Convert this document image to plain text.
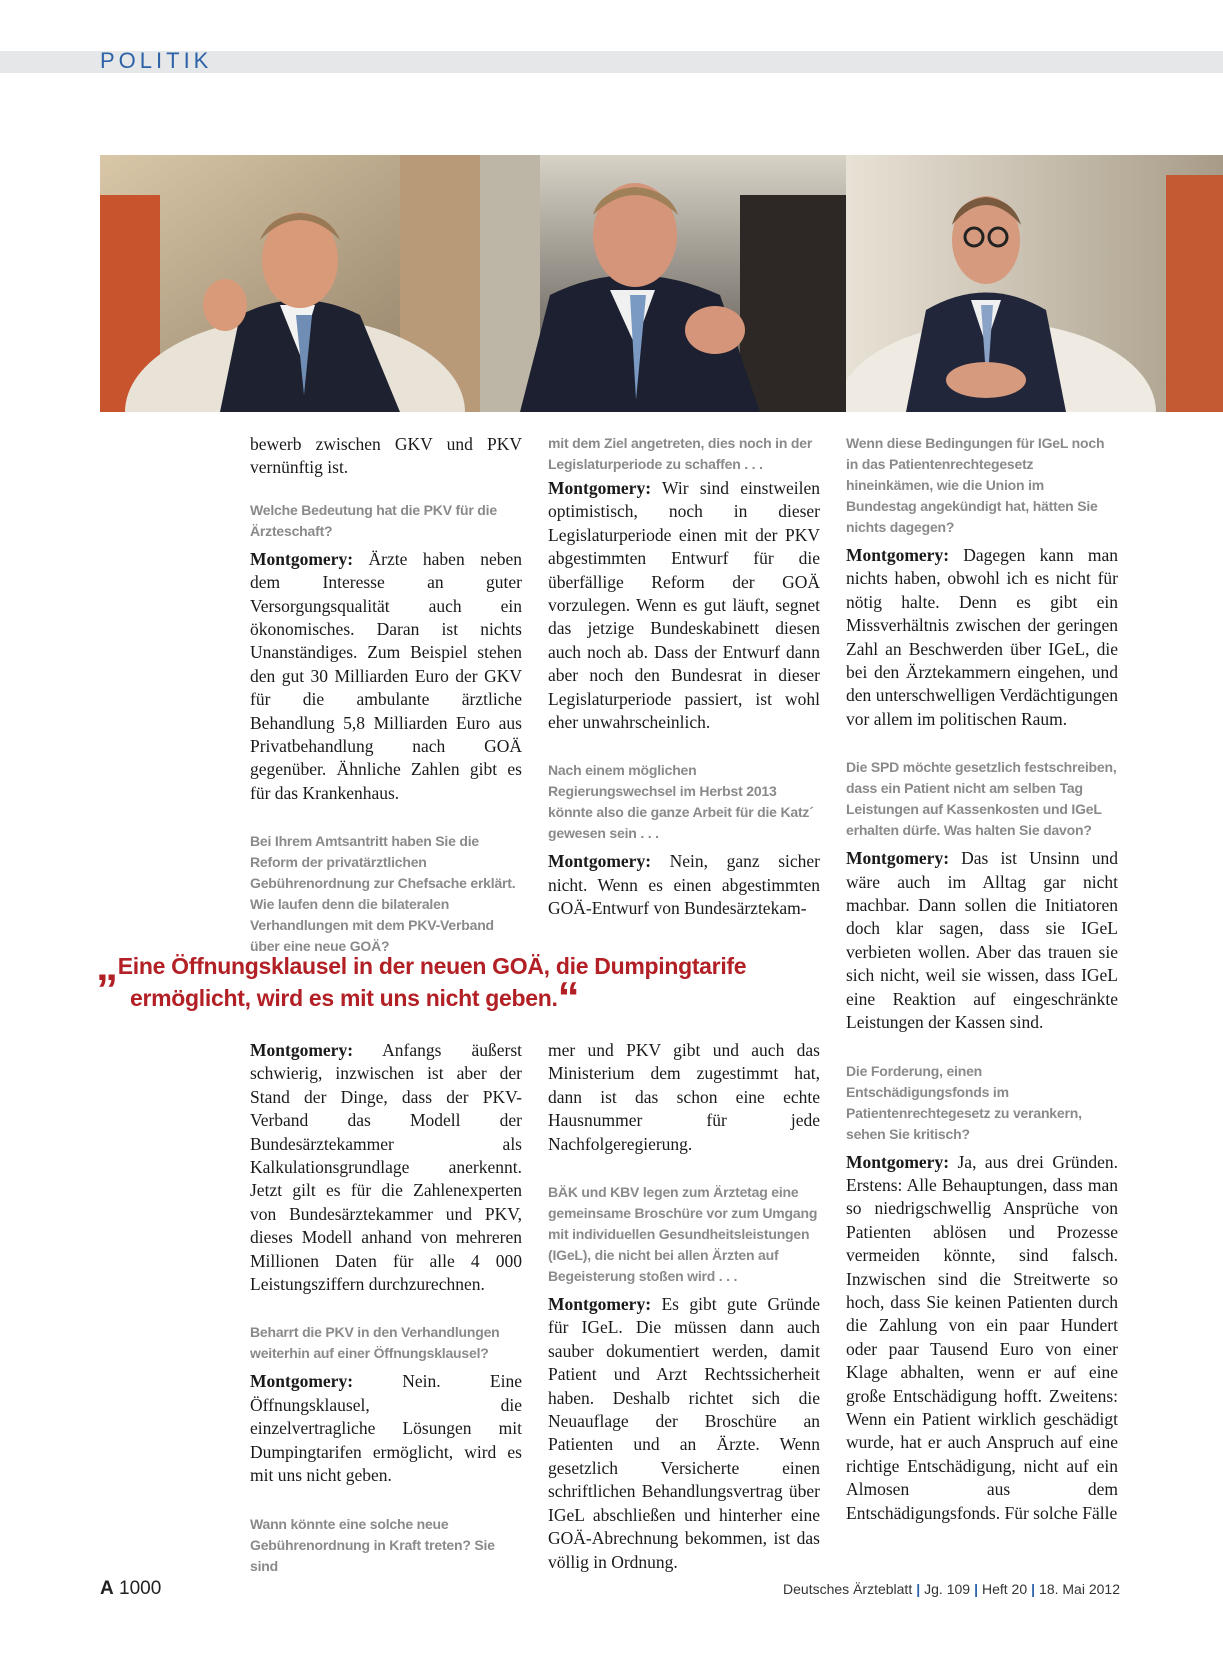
POLITIK

bewerb zwischen GKV und PKV vernünftig ist.

Welche Bedeutung hat die PKV für die Ärzteschaft?

Montgomery: Ärzte haben neben dem Interesse an guter Versorgungsqualität auch ein ökonomisches. Daran ist nichts Unanständiges. Zum Beispiel stehen den gut 30 Milliarden Euro der GKV für die ambulante ärztliche Behandlung 5,8 Milliarden Euro aus Privatbehandlung nach GOÄ gegenüber. Ähnliche Zahlen gibt es für das Krankenhaus.

Bei Ihrem Amtsantritt haben Sie die Reform der privatärztlichen Gebührenordnung zur Chefsache erklärt. Wie laufen denn die bilateralen Verhandlungen mit dem PKV-Verband über eine neue GOÄ?

mit dem Ziel angetreten, dies noch in der Legislaturperiode zu schaffen . . .

Montgomery: Wir sind einstweilen optimistisch, noch in dieser Legislaturperiode einen mit der PKV abgestimmten Entwurf für die überfällige Reform der GOÄ vorzulegen. Wenn es gut läuft, segnet das jetzige Bundeskabinett diesen auch noch ab. Dass der Entwurf dann aber noch den Bundesrat in dieser Legislaturperiode passiert, ist wohl eher unwahrscheinlich.

Nach einem möglichen Regierungswechsel im Herbst 2013 könnte also die ganze Arbeit für die Katz´ gewesen sein . . .

Montgomery: Nein, ganz sicher nicht. Wenn es einen abgestimmten GOÄ-Entwurf von Bundesärztekam-

Wenn diese Bedingungen für IGeL noch in das Patientenrechtegesetz hineinkämen, wie die Union im Bundestag angekündigt hat, hätten Sie nichts dagegen?

Montgomery: Dagegen kann man nichts haben, obwohl ich es nicht für nötig halte. Denn es gibt ein Missverhältnis zwischen der geringen Zahl an Beschwerden über IGeL, die bei den Ärztekammern eingehen, und den unterschwelligen Verdächtigungen vor allem im politischen Raum.

Die SPD möchte gesetzlich festschreiben, dass ein Patient nicht am selben Tag Leistungen auf Kassenkosten und IGeL erhalten dürfe. Was halten Sie davon?

Montgomery: Das ist Unsinn und wäre auch im Alltag gar nicht machbar. Dann sollen die Initiatoren doch klar sagen, dass sie IGeL verbieten wollen. Aber das trauen sie sich nicht, weil sie wissen, dass IGeL eine Reaktion auf eingeschränkte Leistungen der Kassen sind.

Die Forderung, einen Entschädigungsfonds im Patientenrechtegesetz zu verankern, sehen Sie kritisch?

Montgomery: Ja, aus drei Gründen. Erstens: Alle Behauptungen, dass man so niedrigschwellig Ansprüche von Patienten ablösen und Prozesse vermeiden könnte, sind falsch. Inzwischen sind die Streitwerte so hoch, dass Sie keinen Patienten durch die Zahlung von ein paar Hundert oder paar Tausend Euro von einer Klage abhalten, wenn er auf eine große Entschädigung hofft. Zweitens: Wenn ein Patient wirklich geschädigt wurde, hat er auch Anspruch auf eine richtige Entschädigung, nicht auf ein Almosen aus dem Entschädigungsfonds. Für solche Fälle

„Eine Öffnungsklausel in der neuen GOÄ, die Dumpingtarife
ermöglicht, wird es mit uns nicht geben.“

Montgomery: Anfangs äußerst schwierig, inzwischen ist aber der Stand der Dinge, dass der PKV-Verband das Modell der Bundesärztekammer als Kalkulationsgrundlage anerkennt. Jetzt gilt es für die Zahlenexperten von Bundesärztekammer und PKV, dieses Modell anhand von mehreren Millionen Daten für alle 4 000 Leistungsziffern durchzurechnen.

Beharrt die PKV in den Verhandlungen weiterhin auf einer Öffnungsklausel?

Montgomery: Nein. Eine Öffnungsklausel, die einzelvertragliche Lösungen mit Dumpingtarifen ermöglicht, wird es mit uns nicht geben.

Wann könnte eine solche neue Gebührenordnung in Kraft treten? Sie sind

mer und PKV gibt und auch das Ministerium dem zugestimmt hat, dann ist das schon eine echte Hausnummer für jede Nachfolgeregierung.

BÄK und KBV legen zum Ärztetag eine gemeinsame Broschüre vor zum Umgang mit individuellen Gesundheitsleistungen (IGeL), die nicht bei allen Ärzten auf Begeisterung stoßen wird . . .

Montgomery: Es gibt gute Gründe für IGeL. Die müssen dann auch sauber dokumentiert werden, damit Patient und Arzt Rechtssicherheit haben. Deshalb richtet sich die Neuauflage der Broschüre an Patienten und an Ärzte. Wenn gesetzlich Versicherte einen schriftlichen Behandlungsvertrag über IGeL abschließen und hinterher eine GOÄ-Abrechnung bekommen, ist das völlig in Ordnung.

A 1000	Deutsches Ärzteblatt | Jg. 109 | Heft 20 | 18. Mai 2012
